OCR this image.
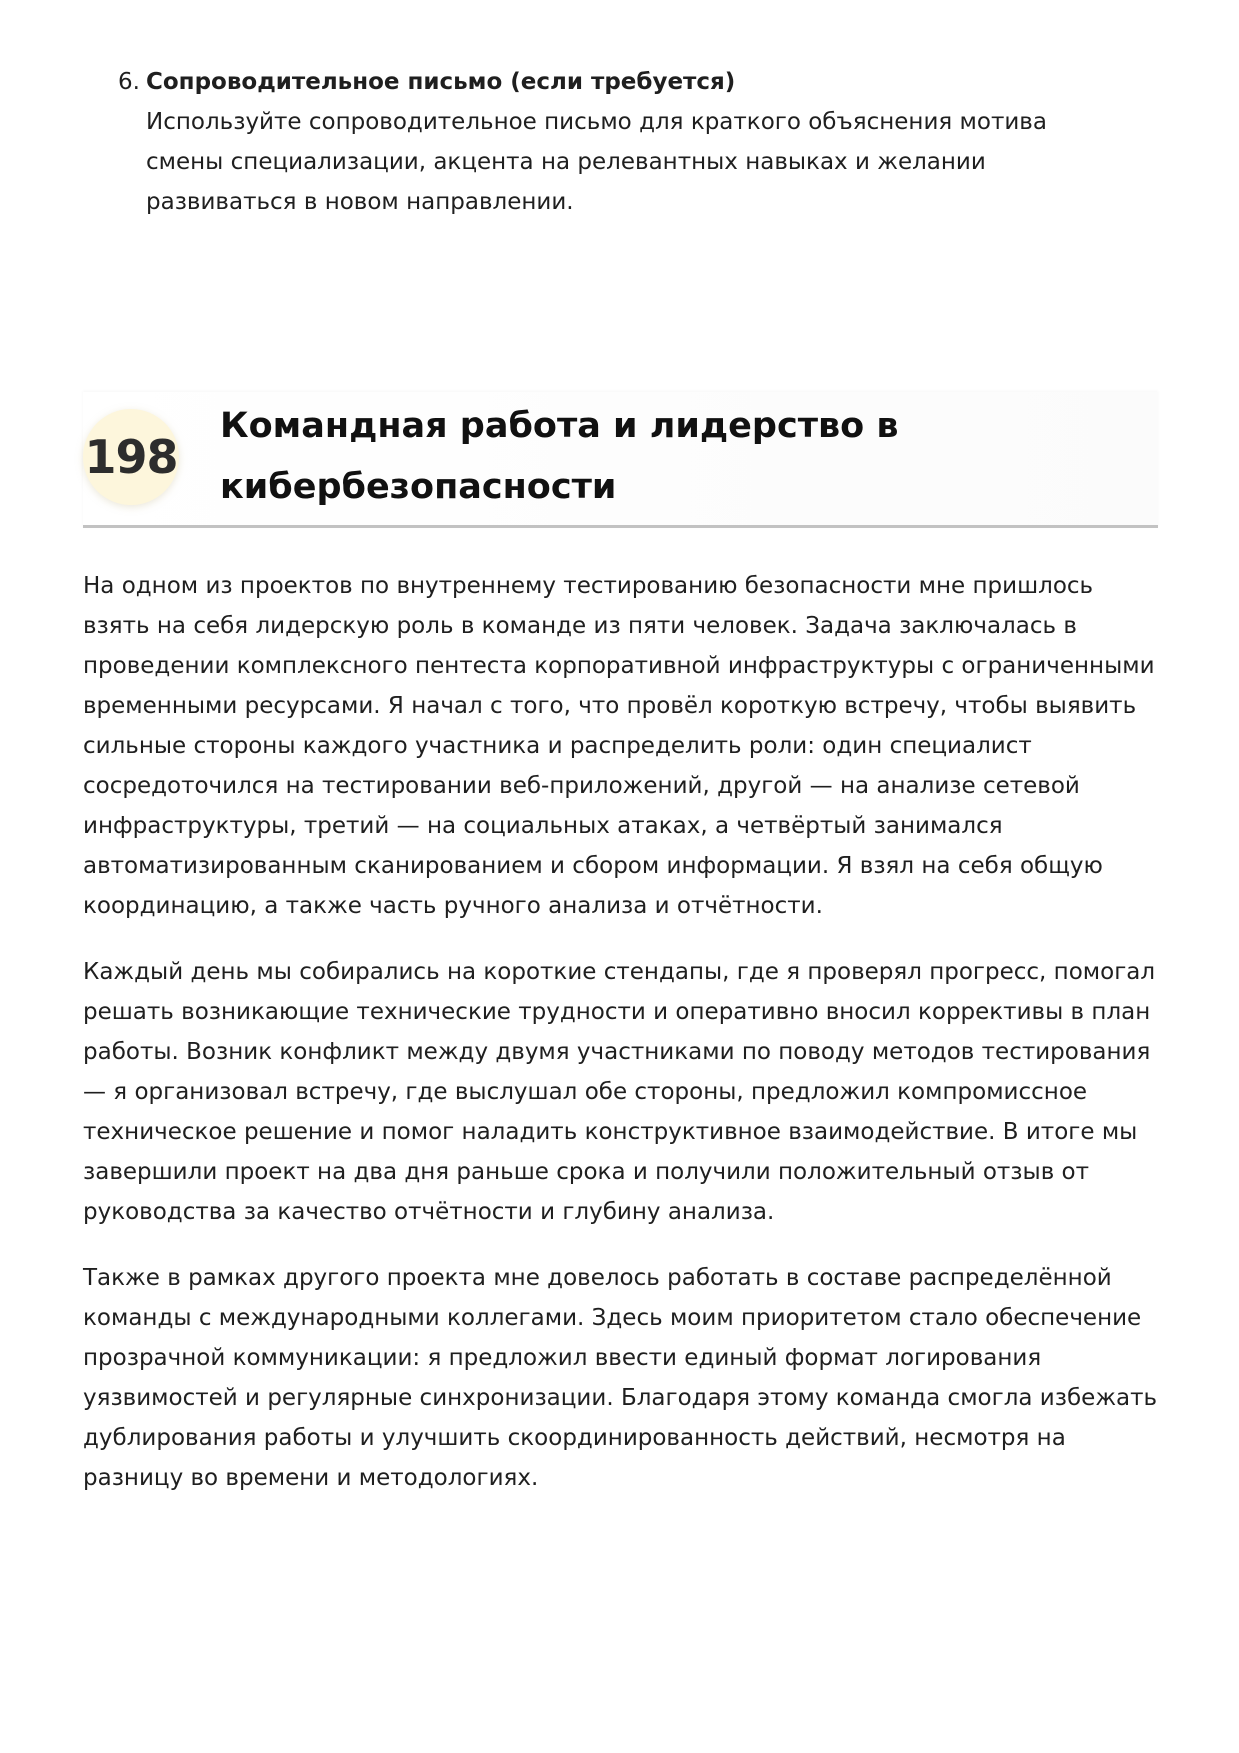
6. Сопроводительное письмо (если требуется)
Используйте сопроводительное письмо для краткого объяснения мотива смены специализации, акцента на релевантных навыках и желании развиваться в новом направлении.
198
Командная работа и лидерство в кибербезопасности

На одном из проектов по внутреннему тестированию безопасности мне пришлось взять на себя лидерскую роль в команде из пяти человек. Задача заключалась в проведении комплексного пентеста корпоративной инфраструктуры с ограниченными временными ресурсами. Я начал с того, что провёл короткую встречу, чтобы выявить сильные стороны каждого участника и распределить роли: один специалист сосредоточился на тестировании веб-приложений, другой — на анализе сетевой инфраструктуры, третий — на социальных атаках, а четвёртый занимался автоматизированным сканированием и сбором информации. Я взял на себя общую координацию, а также часть ручного анализа и отчётности.

Каждый день мы собирались на короткие стендапы, где я проверял прогресс, помогал решать возникающие технические трудности и оперативно вносил коррективы в план работы. Возник конфликт между двумя участниками по поводу методов тестирования — я организовал встречу, где выслушал обе стороны, предложил компромиссное техническое решение и помог наладить конструктивное взаимодействие. В итоге мы завершили проект на два дня раньше срока и получили положительный отзыв от руководства за качество отчётности и глубину анализа.

Также в рамках другого проекта мне довелось работать в составе распределённой команды с международными коллегами. Здесь моим приоритетом стало обеспечение прозрачной коммуникации: я предложил ввести единый формат логирования уязвимостей и регулярные синхронизации. Благодаря этому команда смогла избежать дублирования работы и улучшить скоординированность действий, несмотря на разницу во времени и методологиях.
